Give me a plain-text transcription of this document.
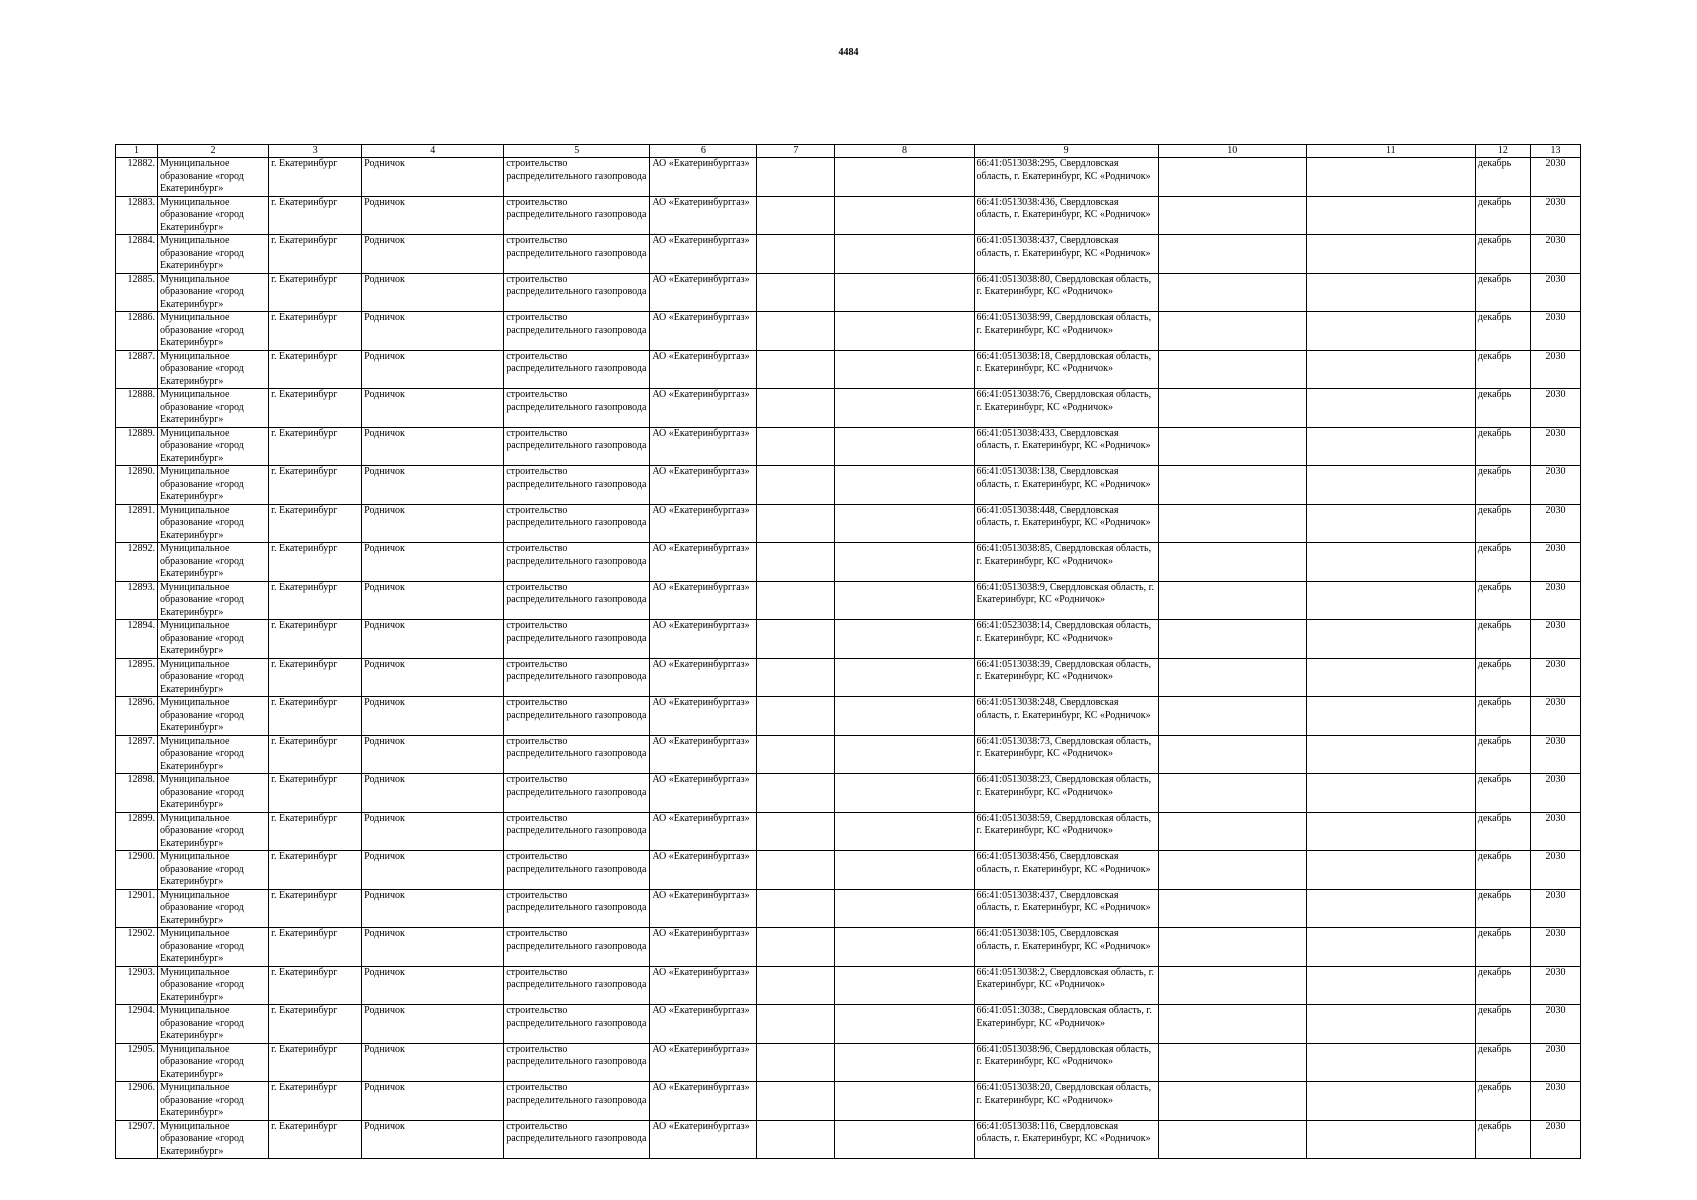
4484
1	2	3	4	5	6	7	8	9	10	11	12	13
12882.	Муниципальное образование «город Екатеринбург»	г. Екатеринбург	Родничок	строительство распределительного газопровода	АО «Екатеринбурггаз»			66:41:0513038:295, Свердловская область, г. Екатеринбург, КС «Родничок»			декабрь	2030
12883.	Муниципальное образование «город Екатеринбург»	г. Екатеринбург	Родничок	строительство распределительного газопровода	АО «Екатеринбурггаз»			66:41:0513038:436, Свердловская область, г. Екатеринбург, КС «Родничок»			декабрь	2030
12884.	Муниципальное образование «город Екатеринбург»	г. Екатеринбург	Родничок	строительство распределительного газопровода	АО «Екатеринбурггаз»			66:41:0513038:437, Свердловская область, г. Екатеринбург, КС «Родничок»			декабрь	2030
12885.	Муниципальное образование «город Екатеринбург»	г. Екатеринбург	Родничок	строительство распределительного газопровода	АО «Екатеринбурггаз»			66:41:0513038:80, Свердловская область, г. Екатеринбург, КС «Родничок»			декабрь	2030
12886.	Муниципальное образование «город Екатеринбург»	г. Екатеринбург	Родничок	строительство распределительного газопровода	АО «Екатеринбурггаз»			66:41:0513038:99, Свердловская область, г. Екатеринбург, КС «Родничок»			декабрь	2030
12887.	Муниципальное образование «город Екатеринбург»	г. Екатеринбург	Родничок	строительство распределительного газопровода	АО «Екатеринбурггаз»			66:41:0513038:18, Свердловская область, г. Екатеринбург, КС «Родничок»			декабрь	2030
12888.	Муниципальное образование «город Екатеринбург»	г. Екатеринбург	Родничок	строительство распределительного газопровода	АО «Екатеринбурггаз»			66:41:0513038:76, Свердловская область, г. Екатеринбург, КС «Родничок»			декабрь	2030
12889.	Муниципальное образование «город Екатеринбург»	г. Екатеринбург	Родничок	строительство распределительного газопровода	АО «Екатеринбурггаз»			66:41:0513038:433, Свердловская область, г. Екатеринбург, КС «Родничок»			декабрь	2030
12890.	Муниципальное образование «город Екатеринбург»	г. Екатеринбург	Родничок	строительство распределительного газопровода	АО «Екатеринбурггаз»			66:41:0513038:138, Свердловская область, г. Екатеринбург, КС «Родничок»			декабрь	2030
12891.	Муниципальное образование «город Екатеринбург»	г. Екатеринбург	Родничок	строительство распределительного газопровода	АО «Екатеринбурггаз»			66:41:0513038:448, Свердловская область, г. Екатеринбург, КС «Родничок»			декабрь	2030
12892.	Муниципальное образование «город Екатеринбург»	г. Екатеринбург	Родничок	строительство распределительного газопровода	АО «Екатеринбурггаз»			66:41:0513038:85, Свердловская область, г. Екатеринбург, КС «Родничок»			декабрь	2030
12893.	Муниципальное образование «город Екатеринбург»	г. Екатеринбург	Родничок	строительство распределительного газопровода	АО «Екатеринбурггаз»			66:41:0513038:9, Свердловская область, г. Екатеринбург, КС «Родничок»			декабрь	2030
12894.	Муниципальное образование «город Екатеринбург»	г. Екатеринбург	Родничок	строительство распределительного газопровода	АО «Екатеринбурггаз»			66:41:0523038:14, Свердловская область, г. Екатеринбург, КС «Родничок»			декабрь	2030
12895.	Муниципальное образование «город Екатеринбург»	г. Екатеринбург	Родничок	строительство распределительного газопровода	АО «Екатеринбурггаз»			66:41:0513038:39, Свердловская область, г. Екатеринбург, КС «Родничок»			декабрь	2030
12896.	Муниципальное образование «город Екатеринбург»	г. Екатеринбург	Родничок	строительство распределительного газопровода	АО «Екатеринбурггаз»			66:41:0513038:248, Свердловская область, г. Екатеринбург, КС «Родничок»			декабрь	2030
12897.	Муниципальное образование «город Екатеринбург»	г. Екатеринбург	Родничок	строительство распределительного газопровода	АО «Екатеринбурггаз»			66:41:0513038:73, Свердловская область, г. Екатеринбург, КС «Родничок»			декабрь	2030
12898.	Муниципальное образование «город Екатеринбург»	г. Екатеринбург	Родничок	строительство распределительного газопровода	АО «Екатеринбурггаз»			66:41:0513038:23, Свердловская область, г. Екатеринбург, КС «Родничок»			декабрь	2030
12899.	Муниципальное образование «город Екатеринбург»	г. Екатеринбург	Родничок	строительство распределительного газопровода	АО «Екатеринбурггаз»			66:41:0513038:59, Свердловская область, г. Екатеринбург, КС «Родничок»			декабрь	2030
12900.	Муниципальное образование «город Екатеринбург»	г. Екатеринбург	Родничок	строительство распределительного газопровода	АО «Екатеринбурггаз»			66:41:0513038:456, Свердловская область, г. Екатеринбург, КС «Родничок»			декабрь	2030
12901.	Муниципальное образование «город Екатеринбург»	г. Екатеринбург	Родничок	строительство распределительного газопровода	АО «Екатеринбурггаз»			66:41:0513038:437, Свердловская область, г. Екатеринбург, КС «Родничок»			декабрь	2030
12902.	Муниципальное образование «город Екатеринбург»	г. Екатеринбург	Родничок	строительство распределительного газопровода	АО «Екатеринбурггаз»			66:41:0513038:105, Свердловская область, г. Екатеринбург, КС «Родничок»			декабрь	2030
12903.	Муниципальное образование «город Екатеринбург»	г. Екатеринбург	Родничок	строительство распределительного газопровода	АО «Екатеринбурггаз»			66:41:0513038:2, Свердловская область, г. Екатеринбург, КС «Родничок»			декабрь	2030
12904.	Муниципальное образование «город Екатеринбург»	г. Екатеринбург	Родничок	строительство распределительного газопровода	АО «Екатеринбурггаз»			66:41:051:3038:, Свердловская область, г. Екатеринбург, КС «Родничок»			декабрь	2030
12905.	Муниципальное образование «город Екатеринбург»	г. Екатеринбург	Родничок	строительство распределительного газопровода	АО «Екатеринбурггаз»			66:41:0513038:96, Свердловская область, г. Екатеринбург, КС «Родничок»			декабрь	2030
12906.	Муниципальное образование «город Екатеринбург»	г. Екатеринбург	Родничок	строительство распределительного газопровода	АО «Екатеринбурггаз»			66:41:0513038:20, Свердловская область, г. Екатеринбург, КС «Родничок»			декабрь	2030
12907.	Муниципальное образование «город Екатеринбург»	г. Екатеринбург	Родничок	строительство распределительного газопровода	АО «Екатеринбурггаз»			66:41:0513038:116, Свердловская область, г. Екатеринбург, КС «Родничок»			декабрь	2030
